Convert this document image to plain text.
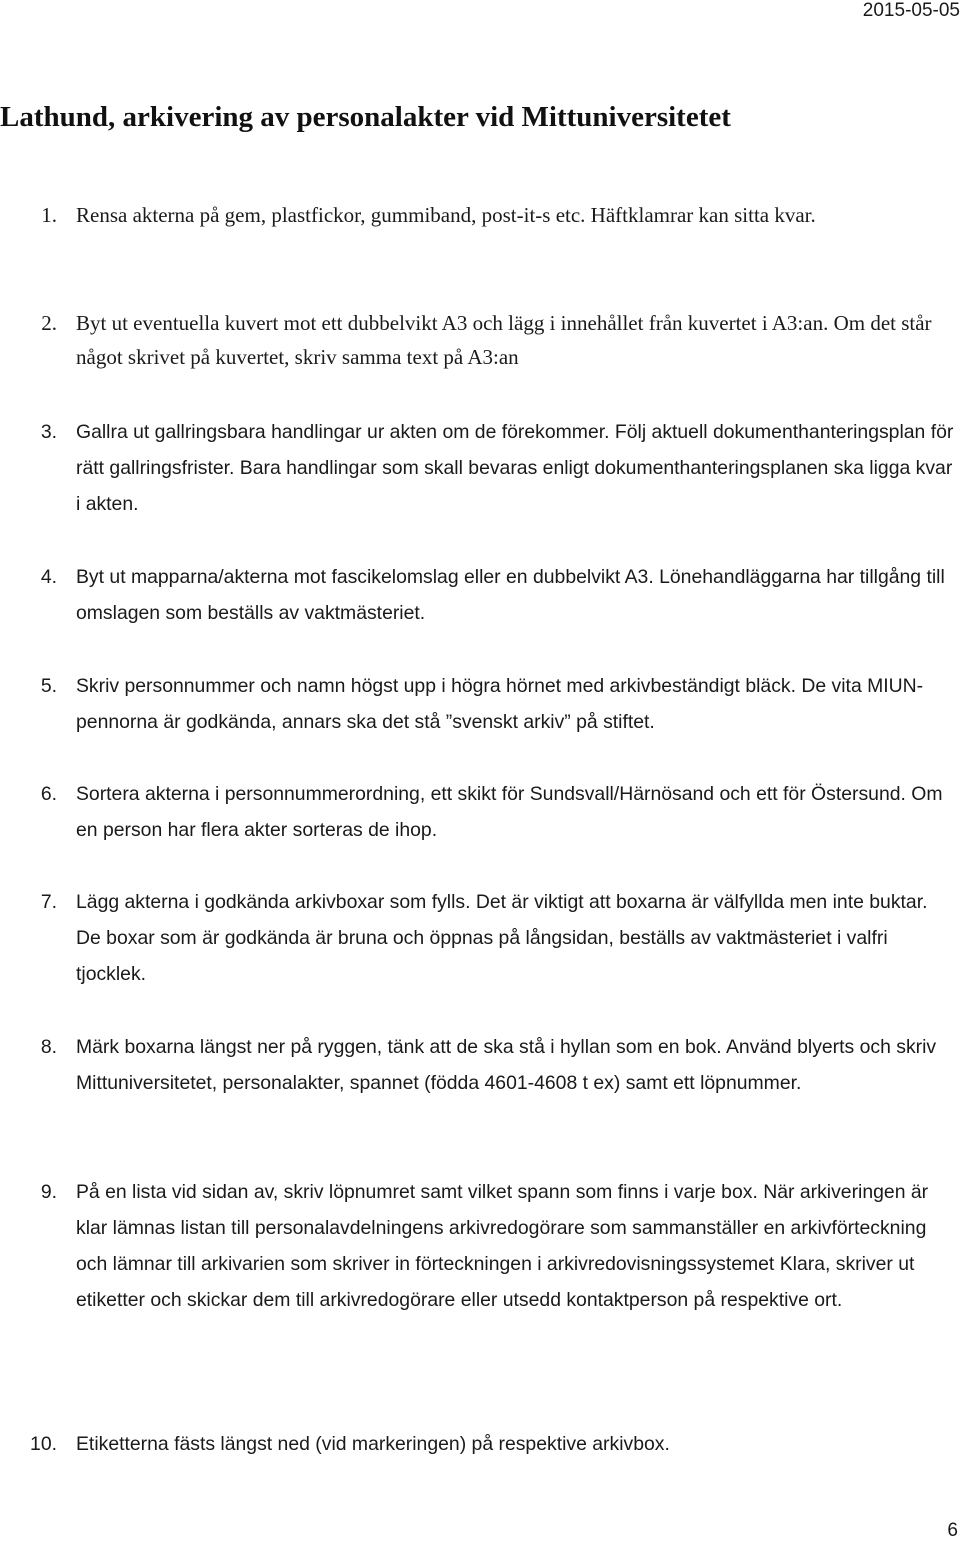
2015-05-05
Lathund, arkivering av personalakter vid Mittuniversitetet
1. Rensa akterna på gem, plastfickor, gummiband, post-it-s etc. Häftklamrar kan sitta kvar.

2. Byt ut eventuella kuvert mot ett dubbelvikt A3 och lägg i innehållet från kuvertet i A3:an. Om det står något skrivet på kuvertet, skriv samma text på A3:an

3. Gallra ut gallringsbara handlingar ur akten om de förekommer. Följ aktuell dokumenthanteringsplan för rätt gallringsfrister. Bara handlingar som skall bevaras enligt dokumenthanteringsplanen ska ligga kvar i akten.

4. Byt ut mapparna/akterna mot fascikelomslag eller en dubbelvikt A3. Lönehandläggarna har tillgång till omslagen som beställs av vaktmästeriet.

5. Skriv personnummer och namn högst upp i högra hörnet med arkivbeständigt bläck. De vita MIUN-pennorna är godkända, annars ska det stå ”svenskt arkiv” på stiftet.

6. Sortera akterna i personnummerordning, ett skikt för Sundsvall/Härnösand och ett för Östersund. Om en person har flera akter sorteras de ihop.

7. Lägg akterna i godkända arkivboxar som fylls. Det är viktigt att boxarna är välfyllda men inte buktar. De boxar som är godkända är bruna och öppnas på långsidan, beställs av vaktmästeriet i valfri tjocklek.

8. Märk boxarna längst ner på ryggen, tänk att de ska stå i hyllan som en bok. Använd blyerts och skriv Mittuniversitetet, personalakter, spannet (födda 4601-4608 t ex) samt ett löpnummer.

9. På en lista vid sidan av, skriv löpnumret samt vilket spann som finns i varje box. När arkiveringen är klar lämnas listan till personalavdelningens arkivredogörare som sammanställer en arkivförteckning och lämnar till arkivarien som skriver in förteckningen i arkivredovisningssystemet Klara, skriver ut etiketter och skickar dem till arkivredogörare eller utsedd kontaktperson på respektive ort.

10. Etiketterna fästs längst ned (vid markeringen) på respektive arkivbox.

6
